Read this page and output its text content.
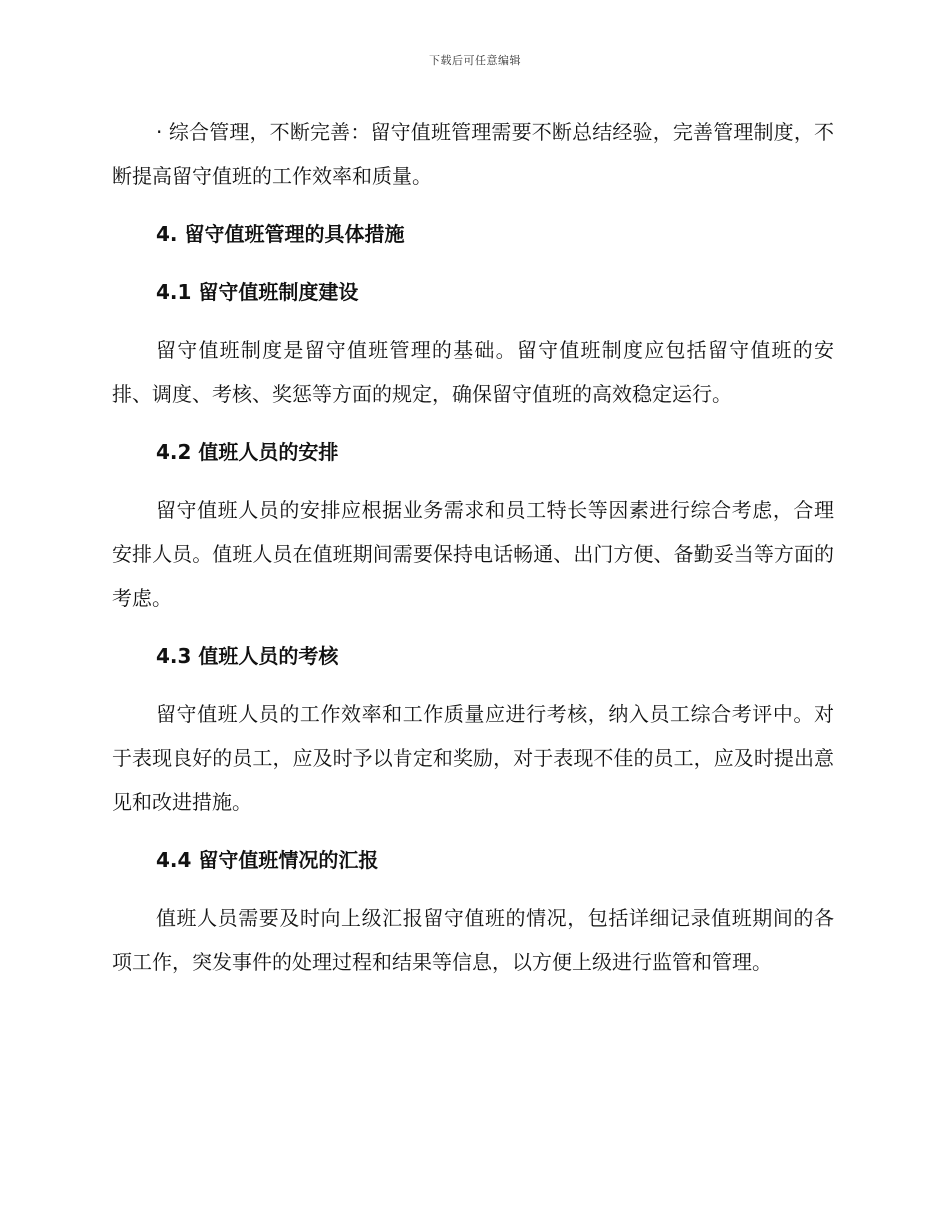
下载后可任意编辑

· 综合管理，不断完善：留守值班管理需要不断总结经验，完善管理制度，不断提高留守值班的工作效率和质量。

4. 留守值班管理的具体措施
4.1 留守值班制度建设

留守值班制度是留守值班管理的基础。留守值班制度应包括留守值班的安排、调度、考核、奖惩等方面的规定，确保留守值班的高效稳定运行。

4.2 值班人员的安排

留守值班人员的安排应根据业务需求和员工特长等因素进行综合考虑，合理安排人员。值班人员在值班期间需要保持电话畅通、出门方便、备勤妥当等方面的考虑。

4.3 值班人员的考核

留守值班人员的工作效率和工作质量应进行考核，纳入员工综合考评中。对于表现良好的员工，应及时予以肯定和奖励，对于表现不佳的员工，应及时提出意见和改进措施。

4.4 留守值班情况的汇报

值班人员需要及时向上级汇报留守值班的情况，包括详细记录值班期间的各项工作，突发事件的处理过程和结果等信息，以方便上级进行监管和管理。
